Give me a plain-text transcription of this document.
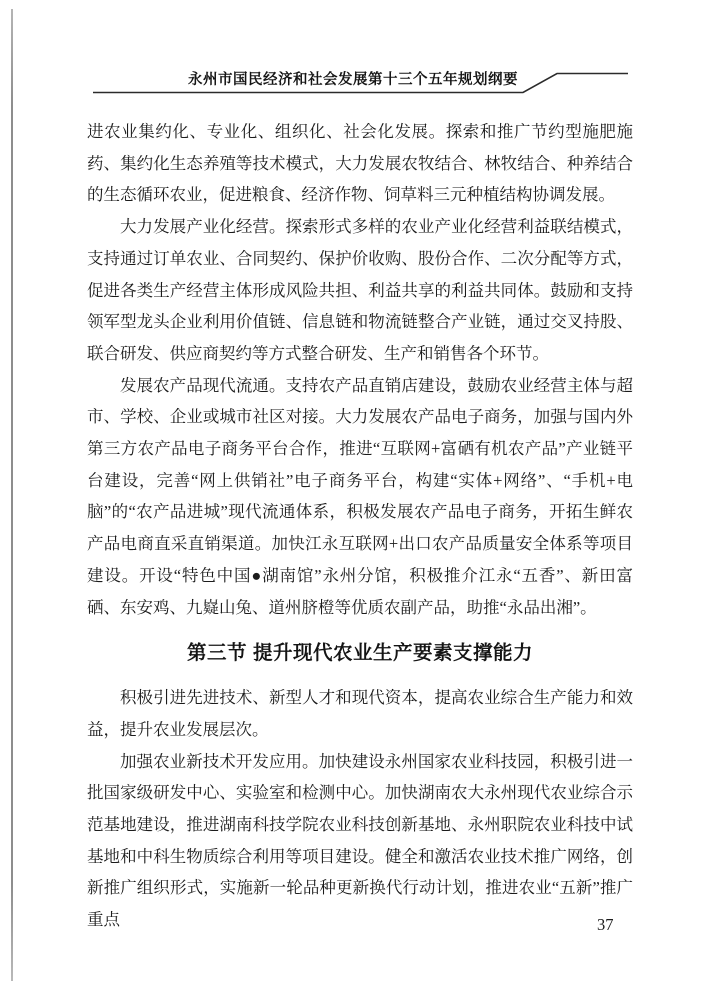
永州市国民经济和社会发展第十三个五年规划纲要

进农业集约化、专业化、组织化、社会化发展。探索和推广节约型施肥施药、集约化生态养殖等技术模式，大力发展农牧结合、林牧结合、种养结合的生态循环农业，促进粮食、经济作物、饲草料三元种植结构协调发展。

大力发展产业化经营。探索形式多样的农业产业化经营利益联结模式，支持通过订单农业、合同契约、保护价收购、股份合作、二次分配等方式，促进各类生产经营主体形成风险共担、利益共享的利益共同体。鼓励和支持领军型龙头企业利用价值链、信息链和物流链整合产业链，通过交叉持股、联合研发、供应商契约等方式整合研发、生产和销售各个环节。

发展农产品现代流通。支持农产品直销店建设，鼓励农业经营主体与超市、学校、企业或城市社区对接。大力发展农产品电子商务，加强与国内外第三方农产品电子商务平台合作，推进“互联网+富硒有机农产品”产业链平台建设，完善“网上供销社”电子商务平台，构建“实体+网络”、“手机+电脑”的“农产品进城”现代流通体系，积极发展农产品电子商务，开拓生鲜农产品电商直采直销渠道。加快江永互联网+出口农产品质量安全体系等项目建设。开设“特色中国●湖南馆”永州分馆，积极推介江永“五香”、新田富硒、东安鸡、九嶷山兔、道州脐橙等优质农副产品，助推“永品出湘”。

第三节 提升现代农业生产要素支撑能力

积极引进先进技术、新型人才和现代资本，提高农业综合生产能力和效益，提升农业发展层次。

加强农业新技术开发应用。加快建设永州国家农业科技园，积极引进一批国家级研发中心、实验室和检测中心。加快湖南农大永州现代农业综合示范基地建设，推进湖南科技学院农业科技创新基地、永州职院农业科技中试基地和中科生物质综合利用等项目建设。健全和激活农业技术推广网络，创新推广组织形式，实施新一轮品种更新换代行动计划，推进农业“五新”推广重点	37
